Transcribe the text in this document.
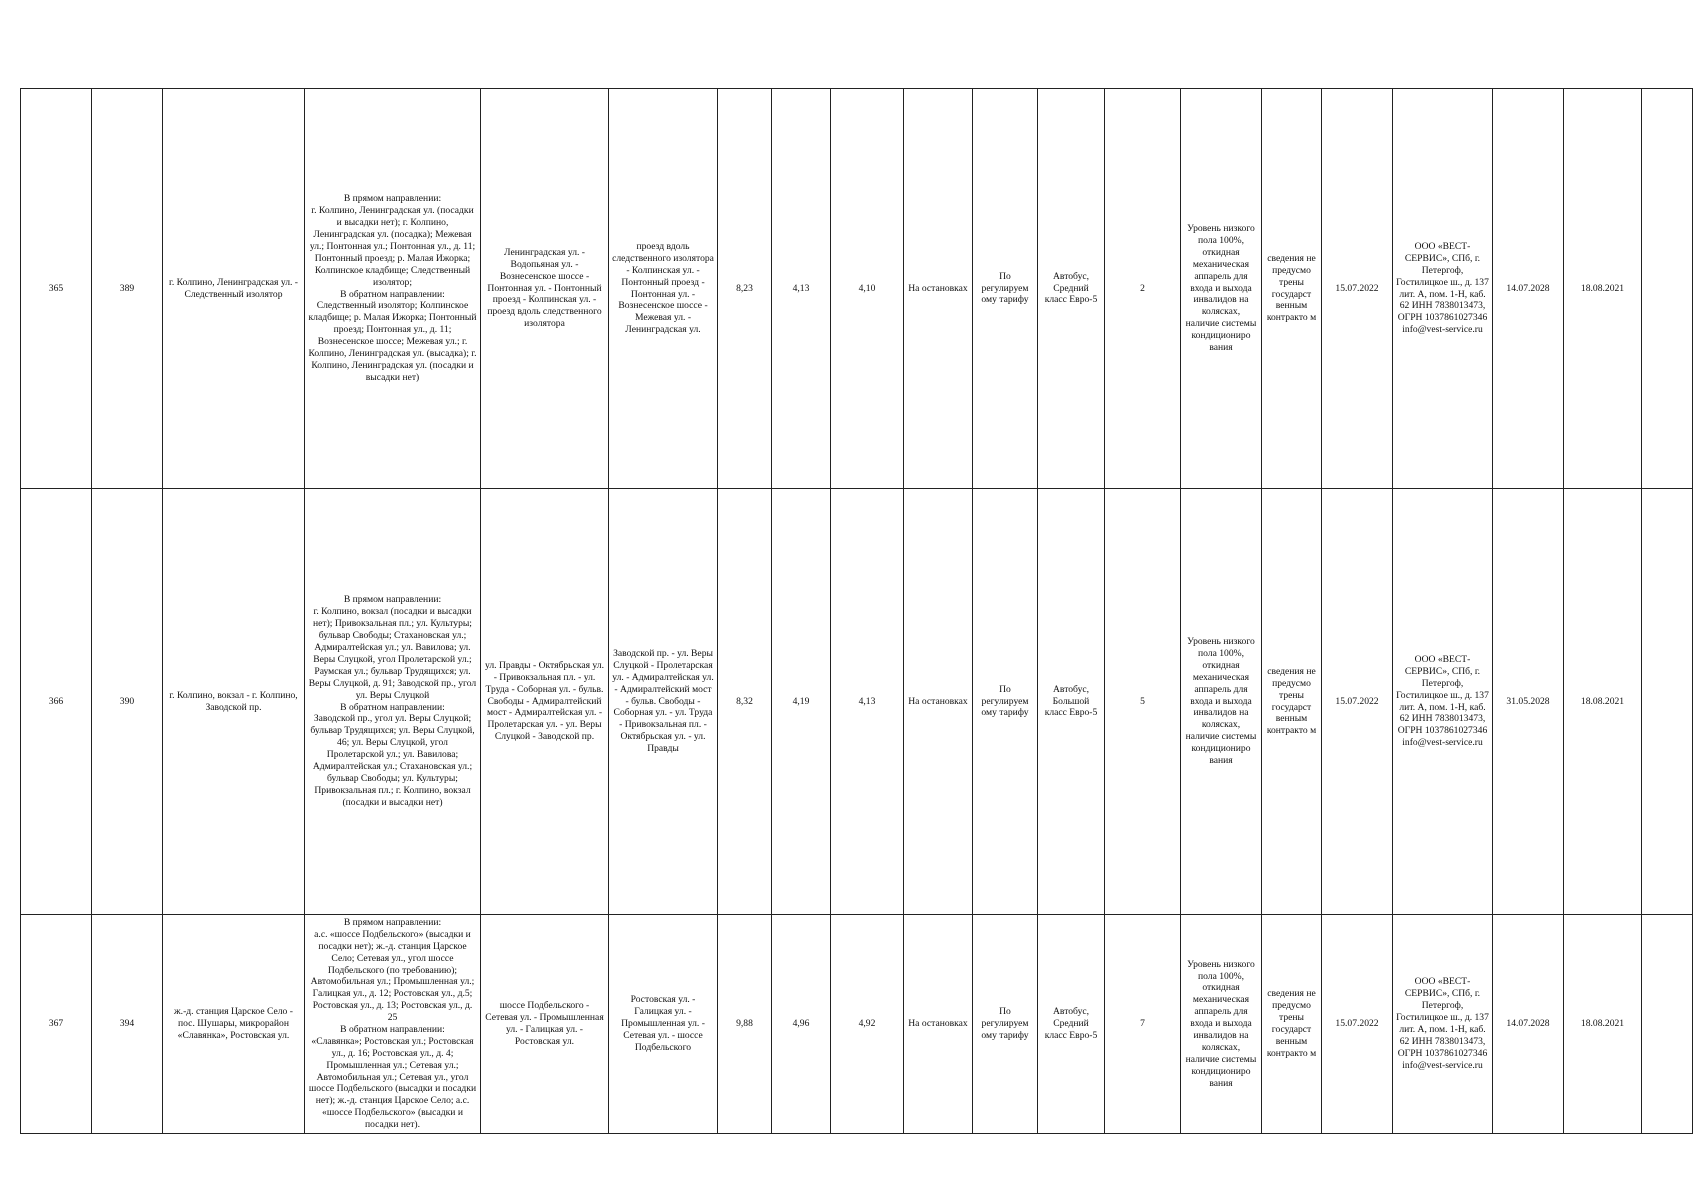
365	389	г. Колпино, Ленинградская ул. - Следственный изолятор	В прямом направлении:
г. Колпино, Ленинградская ул. (посадки и высадки нет); г. Колпино, Ленинградская ул. (посадка); Межевая ул.; Понтонная ул.; Понтонная ул., д. 11; Понтонный проезд; р. Малая Ижорка; Колпинское кладбище; Следственный изолятор;
В обратном направлении:
Следственный изолятор; Колпинское кладбище; р. Малая Ижорка; Понтонный проезд; Понтонная ул., д. 11; Вознесенское шоссе; Межевая ул.; г. Колпино, Ленинградская ул. (высадка); г. Колпино, Ленинградская ул. (посадки и высадки нет)	Ленинградская ул. - Водопьяная ул. - Вознесенское шоссе - Понтонная ул. - Понтонный проезд - Колпинская ул. - проезд вдоль следственного изолятора	проезд вдоль следственного изолятора - Колпинская ул. - Понтонный проезд - Понтонная ул. - Вознесенское шоссе - Межевая ул. - Ленинградская ул.	8,23	4,13	4,10	На остановках	По регулируем ому тарифу	Автобус, Средний класс Евро-5	2	Уровень низкого пола 100%, откидная механическая аппарель для входа и выхода инвалидов на колясках, наличие системы кондициониро вания	сведения не предусмо трены государст венным контракто м	15.07.2022	ООО «ВЕСТ-СЕРВИС», СПб, г. Петергоф, Гостилицкое ш., д. 137 лит. А, пом. 1-Н, каб. 62 ИНН 7838013473, ОГРН 1037861027346 info@vest-service.ru	14.07.2028	18.08.2021	
366	390	г. Колпино, вокзал - г. Колпино, Заводской пр.	В прямом направлении:
г. Колпино, вокзал (посадки и высадки нет); Привокзальная пл.; ул. Культуры; бульвар Свободы; Стахановская ул.; Адмиралтейская ул.; ул. Вавилова; ул. Веры Слуцкой, угол Пролетарской ул.; Раумская ул.; бульвар Трудящихся; ул. Веры Слуцкой, д. 91; Заводской пр., угол ул. Веры Слуцкой
В обратном направлении:
Заводской пр., угол ул. Веры Слуцкой; бульвар Трудящихся; ул. Веры Слуцкой, 46; ул. Веры Слуцкой, угол Пролетарской ул.; ул. Вавилова; Адмиралтейская ул.; Стахановская ул.; бульвар Свободы; ул. Культуры; Привокзальная пл.; г. Колпино, вокзал (посадки и высадки нет)	ул. Правды - Октябрьская ул. - Привокзальная пл. - ул. Труда - Соборная ул. - бульв. Свободы - Адмиралтейский мост - Адмиралтейская ул. - Пролетарская ул. - ул. Веры Слуцкой - Заводской пр.	Заводской пр. - ул. Веры Слуцкой - Пролетарская ул. - Адмиралтейская ул. - Адмиралтейский мост - бульв. Свободы - Соборная ул. - ул. Труда - Привокзальная пл. - Октябрьская ул. - ул. Правды	8,32	4,19	4,13	На остановках	По регулируем ому тарифу	Автобус, Большой класс Евро-5	5	Уровень низкого пола 100%, откидная механическая аппарель для входа и выхода инвалидов на колясках, наличие системы кондициониро вания	сведения не предусмо трены государст венным контракто м	15.07.2022	ООО «ВЕСТ-СЕРВИС», СПб, г. Петергоф, Гостилицкое ш., д. 137 лит. А, пом. 1-Н, каб. 62 ИНН 7838013473, ОГРН 1037861027346 info@vest-service.ru	31.05.2028	18.08.2021	
367	394	ж.-д. станция Царское Село - пос. Шушары, микрорайон «Славянка», Ростовская ул.	В прямом направлении:
а.с. «шоссе Подбельского» (высадки и посадки нет); ж.-д. станция Царское Село; Сетевая ул., угол шоссе Подбельского (по требованию); Автомобильная ул.; Промышленная ул.; Галицкая ул., д. 12; Ростовская ул., д.5; Ростовская ул., д. 13; Ростовская ул., д. 25
В обратном направлении:
«Славянка»; Ростовская ул.; Ростовская ул., д. 16; Ростовская ул., д. 4; Промышленная ул.; Сетевая ул.; Автомобильная ул.; Сетевая ул., угол шоссе Подбельского (высадки и посадки нет); ж.-д. станция Царское Село; а.с. «шоссе Подбельского» (высадки и посадки нет).	шоссе Подбельского - Сетевая ул. - Промышленная ул. - Галицкая ул. - Ростовская ул.	Ростовская ул. - Галицкая ул. - Промышленная ул. - Сетевая ул. - шоссе Подбельского	9,88	4,96	4,92	На остановках	По регулируем ому тарифу	Автобус, Средний класс Евро-5	7	Уровень низкого пола 100%, откидная механическая аппарель для входа и выхода инвалидов на колясках, наличие системы кондициониро вания	сведения не предусмо трены государст венным контракто м	15.07.2022	ООО «ВЕСТ-СЕРВИС», СПб, г. Петергоф, Гостилицкое ш., д. 137 лит. А, пом. 1-Н, каб. 62 ИНН 7838013473, ОГРН 1037861027346 info@vest-service.ru	14.07.2028	18.08.2021	
